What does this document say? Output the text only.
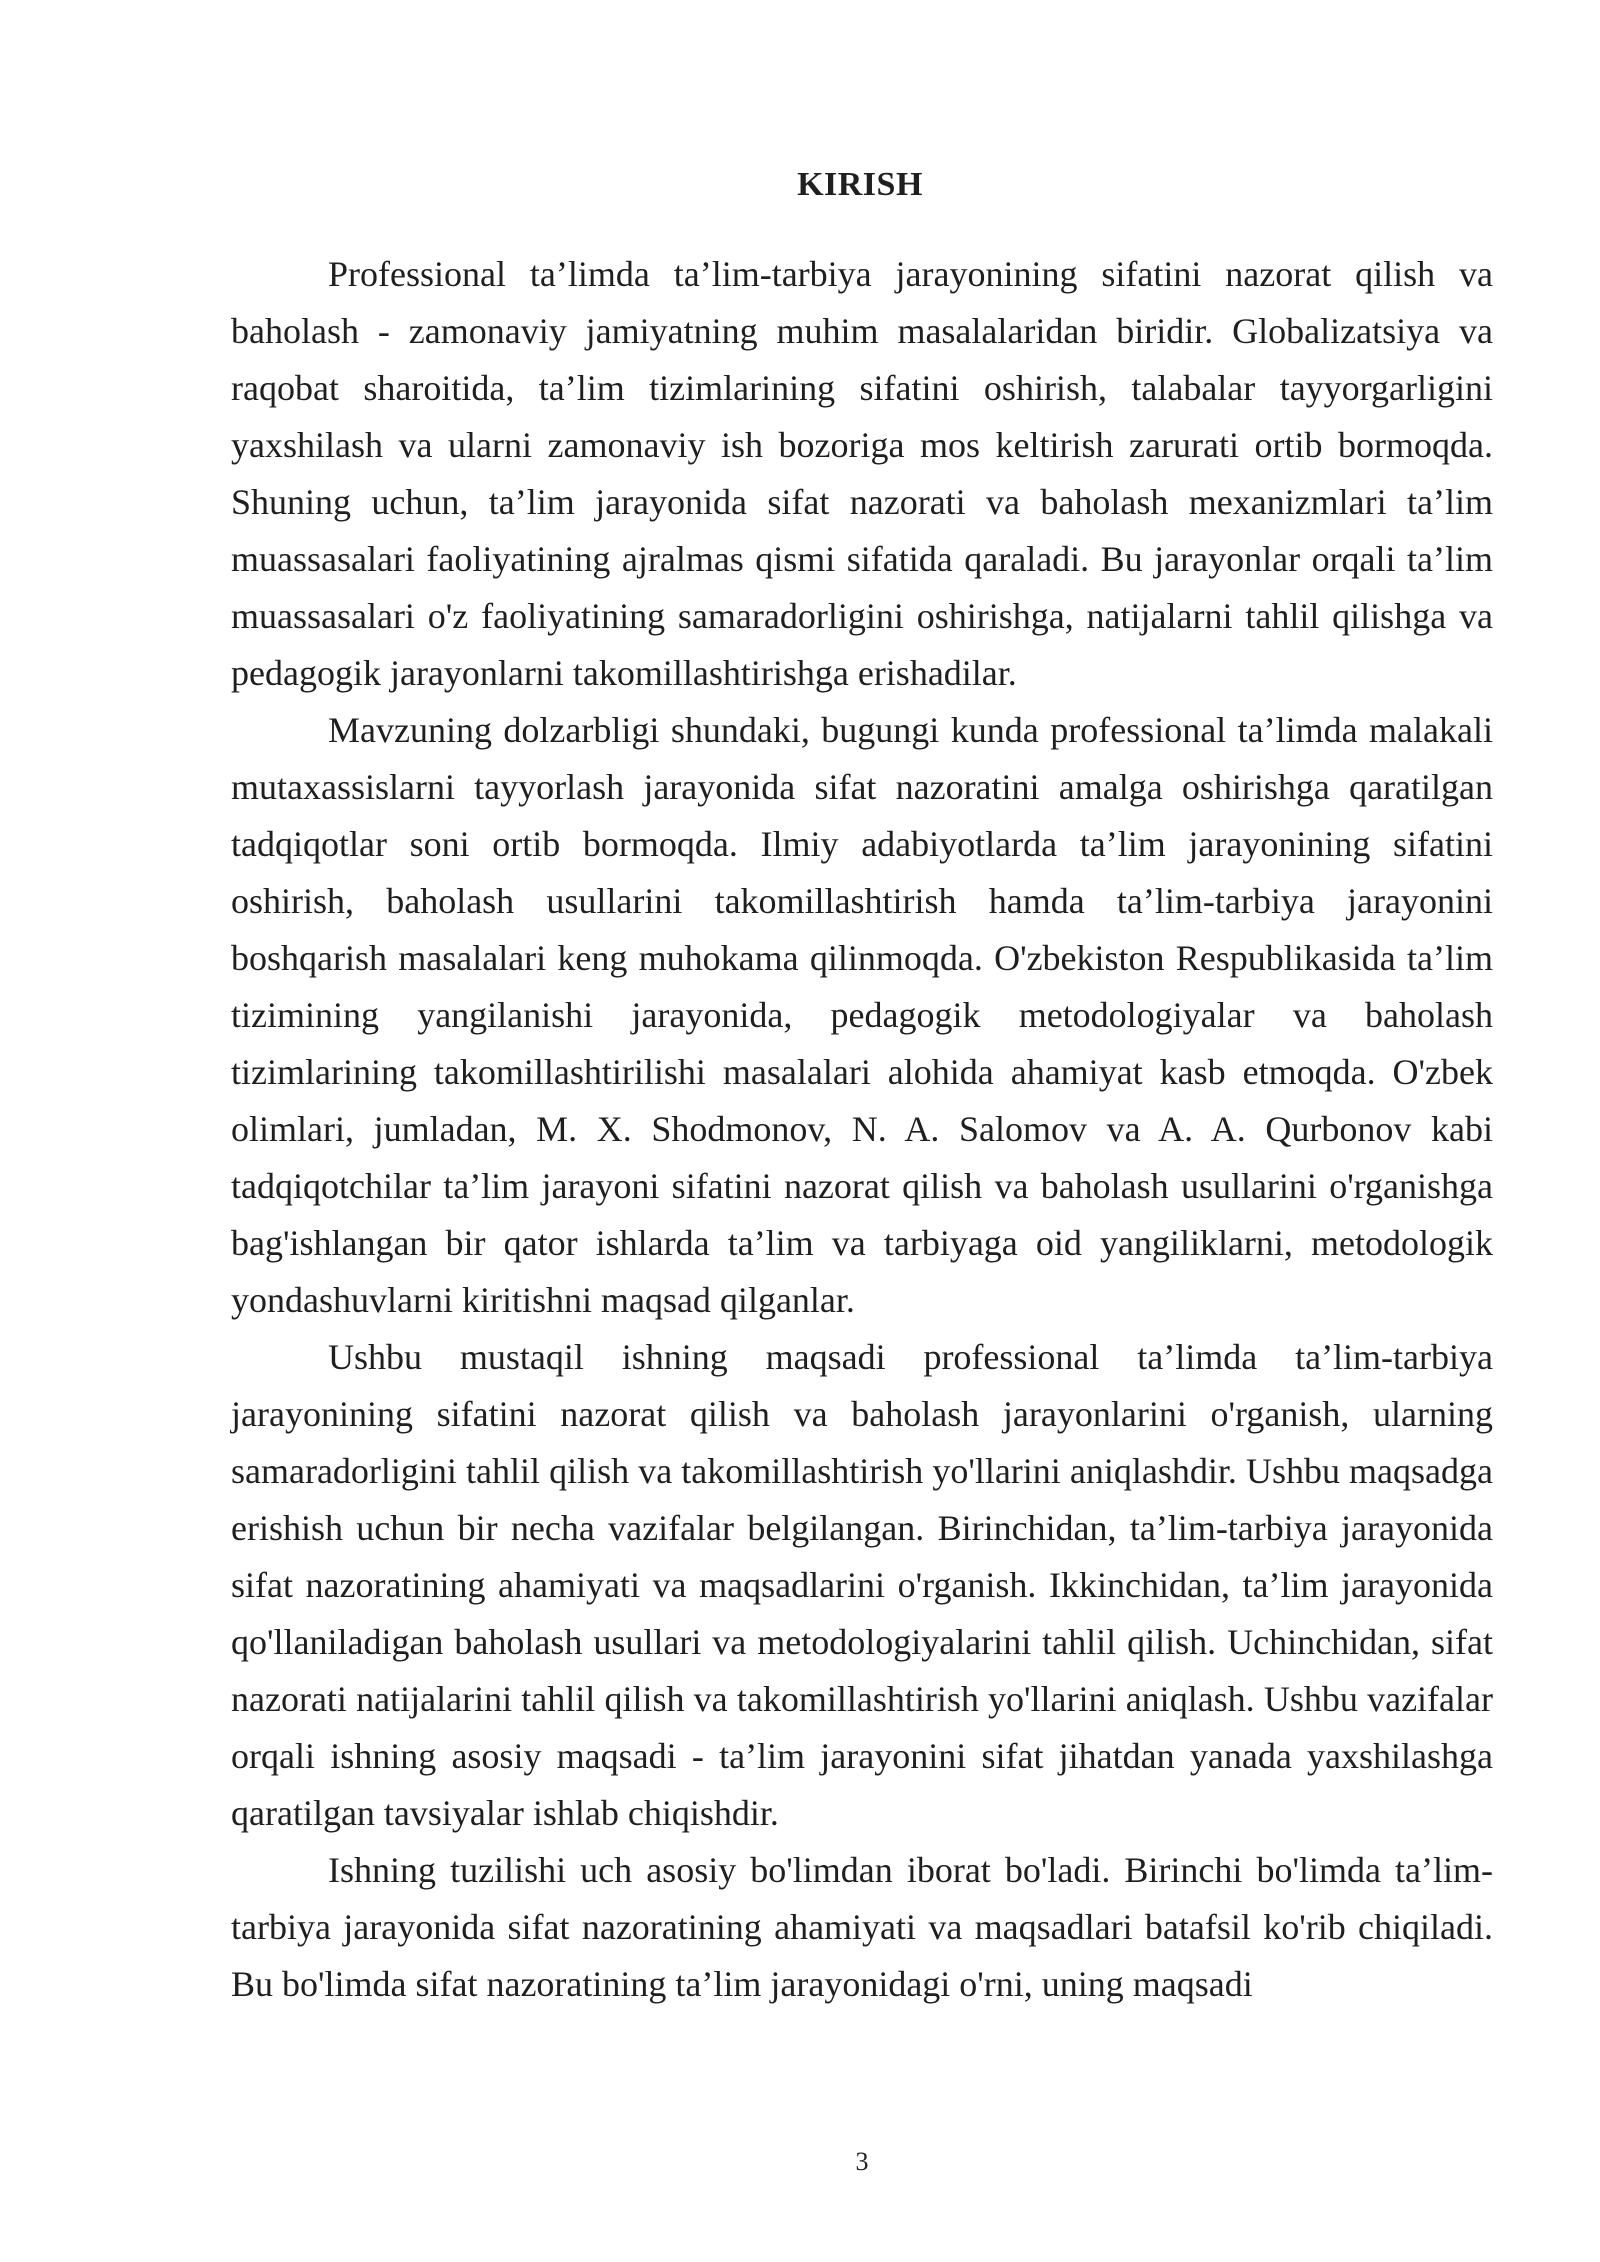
KIRISH

Professional ta’limda ta’lim-tarbiya jarayonining sifatini nazorat qilish va baholash - zamonaviy jamiyatning muhim masalalaridan biridir. Globalizatsiya va raqobat sharoitida, ta’lim tizimlarining sifatini oshirish, talabalar tayyorgarligini yaxshilash va ularni zamonaviy ish bozoriga mos keltirish zarurati ortib bormoqda. Shuning uchun, ta’lim jarayonida sifat nazorati va baholash mexanizmlari ta’lim muassasalari faoliyatining ajralmas qismi sifatida qaraladi. Bu jarayonlar orqali ta’lim muassasalari o'z faoliyatining samaradorligini oshirishga, natijalarni tahlil qilishga va pedagogik jarayonlarni takomillashtirishga erishadilar.

Mavzuning dolzarbligi shundaki, bugungi kunda professional ta’limda malakali mutaxassislarni tayyorlash jarayonida sifat nazoratini amalga oshirishga qaratilgan tadqiqotlar soni ortib bormoqda. Ilmiy adabiyotlarda ta’lim jarayonining sifatini oshirish, baholash usullarini takomillashtirish hamda ta’lim-tarbiya jarayonini boshqarish masalalari keng muhokama qilinmoqda. O'zbekiston Respublikasida ta’lim tizimining yangilanishi jarayonida, pedagogik metodologiyalar va baholash tizimlarining takomillashtirilishi masalalari alohida ahamiyat kasb etmoqda. O'zbek olimlari, jumladan, M. X. Shodmonov, N. A. Salomov va A. A. Qurbonov kabi tadqiqotchilar ta’lim jarayoni sifatini nazorat qilish va baholash usullarini o'rganishga bag'ishlangan bir qator ishlarda ta’lim va tarbiyaga oid yangiliklarni, metodologik yondashuvlarni kiritishni maqsad qilganlar.

Ushbu mustaqil ishning maqsadi professional ta’limda ta’lim-tarbiya jarayonining sifatini nazorat qilish va baholash jarayonlarini o'rganish, ularning samaradorligini tahlil qilish va takomillashtirish yo'llarini aniqlashdir. Ushbu maqsadga erishish uchun bir necha vazifalar belgilangan. Birinchidan, ta’lim-tarbiya jarayonida sifat nazoratining ahamiyati va maqsadlarini o'rganish. Ikkinchidan, ta’lim jarayonida qo'llaniladigan baholash usullari va metodologiyalarini tahlil qilish. Uchinchidan, sifat nazorati natijalarini tahlil qilish va takomillashtirish yo'llarini aniqlash. Ushbu vazifalar orqali ishning asosiy maqsadi - ta’lim jarayonini sifat jihatdan yanada yaxshilashga qaratilgan tavsiyalar ishlab chiqishdir.

Ishning tuzilishi uch asosiy bo'limdan iborat bo'ladi. Birinchi bo'limda ta’lim-tarbiya jarayonida sifat nazoratining ahamiyati va maqsadlari batafsil ko'rib chiqiladi. Bu bo'limda sifat nazoratining ta’lim jarayonidagi o'rni, uning maqsadi

3
